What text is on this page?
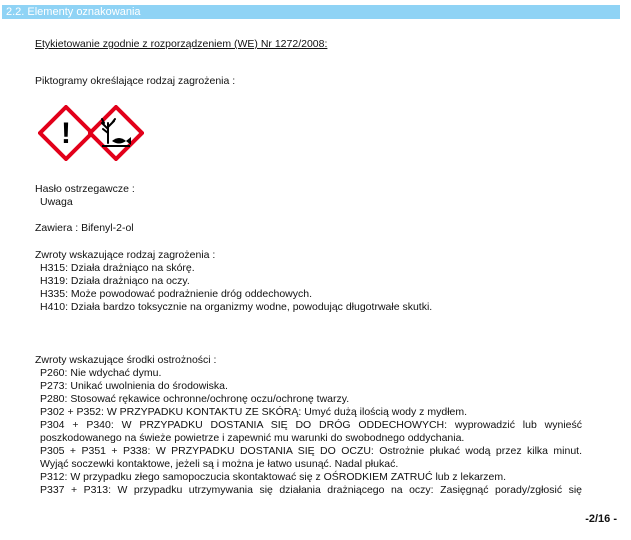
2.2. Elementy oznakowania
Etykietowanie zgodnie z rozporządzeniem (WE) Nr 1272/2008:
Piktogramy określające rodzaj zagrożenia :
!
Hasło ostrzegawcze :
Uwaga
Zawiera : Bifenyl-2-ol
Zwroty wskazujące rodzaj zagrożenia :
H315: Działa drażniąco na skórę.
H319: Działa drażniąco na oczy.
H335: Może powodować podrażnienie dróg oddechowych.
H410: Działa bardzo toksycznie na organizmy wodne, powodując długotrwałe skutki.
Zwroty wskazujące środki ostrożności :
P260: Nie wdychać dymu.
P273: Unikać uwolnienia do środowiska.
P280: Stosować rękawice ochronne/ochronę oczu/ochronę twarzy.
P302 + P352: W PRZYPADKU KONTAKTU ZE SKÓRĄ: Umyć dużą ilością wody z mydłem.
P304 + P340: W PRZYPADKU DOSTANIA SIĘ DO DRÓG ODDECHOWYCH: wyprowadzić lub wynieść
poszkodowanego na świeże powietrze i zapewnić mu warunki do swobodnego oddychania.
P305 + P351 + P338: W PRZYPADKU DOSTANIA SIĘ DO OCZU: Ostrożnie płukać wodą przez kilka minut.
Wyjąć soczewki kontaktowe, jeżeli są i można je łatwo usunąć. Nadal płukać.
P312: W przypadku złego samopoczucia skontaktować się z OŚRODKIEM ZATRUĆ lub z lekarzem.
P337 + P313: W przypadku utrzymywania się działania drażniącego na oczy: Zasięgnąć porady/zgłosić się
-2/16 -
